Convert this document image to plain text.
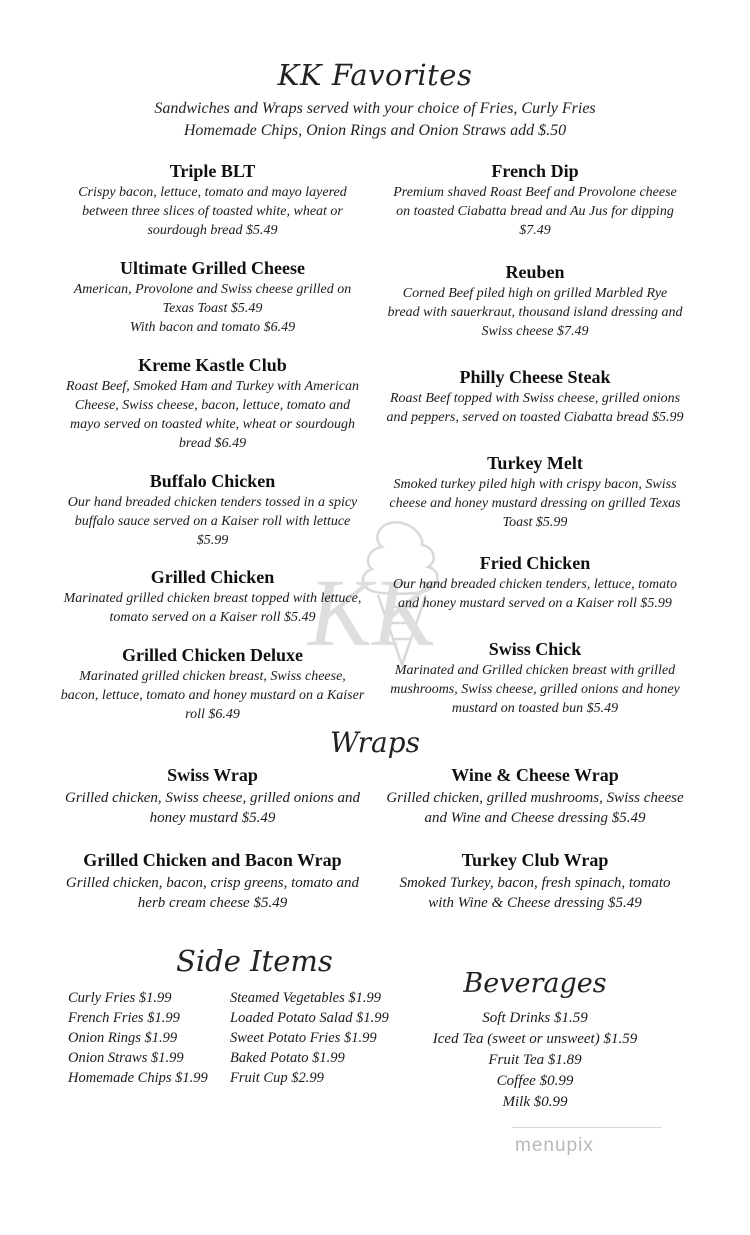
KK Favorites
Sandwiches and Wraps served with your choice of Fries, Curly Fries
Homemade Chips, Onion Rings and Onion Straws add $.50
KK
Triple BLT
Crispy bacon, lettuce, tomato and mayo layered between three slices of toasted white, wheat or sourdough bread $5.49
Ultimate Grilled Cheese
American, Provolone and Swiss cheese grilled on Texas Toast $5.49
With bacon and tomato $6.49
Kreme Kastle Club
Roast Beef, Smoked Ham and Turkey with American Cheese, Swiss cheese, bacon, lettuce, tomato and mayo served on toasted white, wheat or sourdough bread $6.49
Buffalo Chicken
Our hand breaded chicken tenders tossed in a spicy buffalo sauce served on a Kaiser roll with lettuce $5.99
Grilled Chicken
Marinated grilled chicken breast topped with lettuce, tomato served on a Kaiser roll $5.49
Grilled Chicken Deluxe
Marinated grilled chicken breast, Swiss cheese, bacon, lettuce, tomato and honey mustard on a Kaiser roll $6.49
French Dip
Premium shaved Roast Beef and Provolone cheese on toasted Ciabatta bread and Au Jus for dipping $7.49
Reuben
Corned Beef piled high on grilled Marbled Rye bread with sauerkraut, thousand island dressing and Swiss cheese $7.49
Philly Cheese Steak
Roast Beef topped with Swiss cheese, grilled onions and peppers, served on toasted Ciabatta bread $5.99
Turkey Melt
Smoked turkey piled high with crispy bacon, Swiss cheese and honey mustard dressing on grilled Texas Toast $5.99
Fried Chicken
Our hand breaded chicken tenders, lettuce, tomato and honey mustard served on a Kaiser roll $5.99
Swiss Chick
Marinated and Grilled chicken breast with grilled mushrooms, Swiss cheese, grilled onions and honey mustard on toasted bun $5.49
Wraps
Swiss Wrap
Grilled chicken, Swiss cheese, grilled onions and honey mustard $5.49
Wine & Cheese Wrap
Grilled chicken, grilled mushrooms, Swiss cheese and Wine and Cheese dressing $5.49
Grilled Chicken and Bacon Wrap
Grilled chicken, bacon, crisp greens, tomato and herb cream cheese $5.49
Turkey Club Wrap
Smoked Turkey, bacon, fresh spinach, tomato with Wine & Cheese dressing $5.49
Side Items
Curly Fries $1.99
French Fries $1.99
Onion Rings $1.99
Onion Straws $1.99
Homemade Chips $1.99
Steamed Vegetables $1.99
Loaded Potato Salad $1.99
Sweet Potato Fries $1.99
Baked Potato $1.99
Fruit Cup $2.99
Beverages
Soft Drinks $1.59
Iced Tea (sweet or unsweet) $1.59
Fruit Tea $1.89
Coffee $0.99
Milk $0.99
menupix
